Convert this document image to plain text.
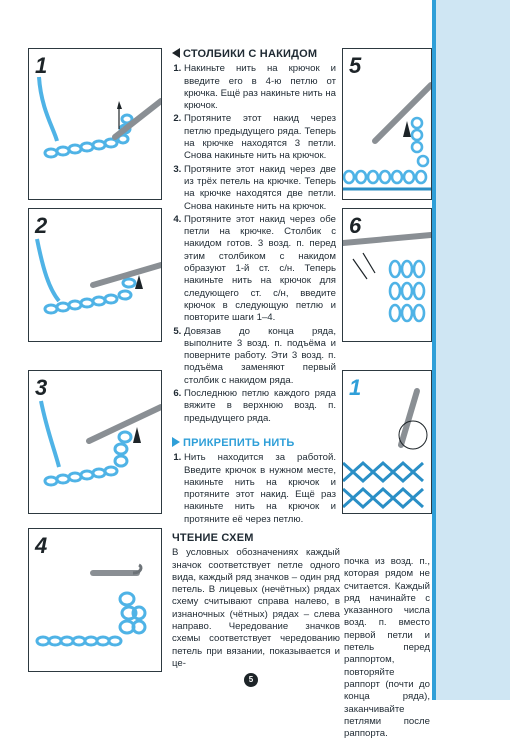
1
2
3
4
5
6
1
СТОЛБИКИ С НАКИДОМ
1. Накиньте нить на крючок и введите его в 4-ю петлю от крючка. Ещё раз накиньте нить на крючок.
2. Протяните этот накид через петлю предыдущего ряда. Теперь на крючке находятся 3 петли. Снова накиньте нить на крючок.
3. Протяните этот накид через две из трёх петель на крючке. Теперь на крючке находятся две петли. Снова накиньте нить на крючок.
4. Протяните этот накид через обе петли на крючке. Столбик с накидом готов. 3 возд. п. перед этим столбиком с накидом образуют 1-й ст. с/н. Теперь накиньте нить на крючок для следующего ст. с/н, введите крючок в следующую петлю и повторите шаги 1–4.
5. Довязав до конца ряда, выполните 3 возд. п. подъёма и поверните работу. Эти 3 возд. п. подъёма заменяют первый столбик с накидом ряда.
6. Последнюю петлю каждого ряда вяжите в верхнюю возд. п. предыдущего ряда.
ПРИКРЕПИТЬ НИТЬ
1. Нить находится за работой. Введите крючок в нужном месте, накиньте нить на крючок и протяните этот накид. Ещё раз накиньте нить на крючок и протяните её через петлю.
ЧТЕНИЕ СХЕМ

В условных обозначениях каждый значок соответствует петле одного вида, каждый ряд значков – один ряд петель. В лицевых (нечётных) рядах схему считывают справа налево, в изнаночных (чётных) рядах – слева направо. Чередование значков схемы соответствует чередованию петель при вязании, показывается и це-

почка из возд. п., которая рядом не считается. Каждый ряд начинайте с указанного числа возд. п. вместо первой петли и петель перед раппортом, повторяйте раппорт (почти до конца ряда), заканчивайте петлями после раппорта.

5
